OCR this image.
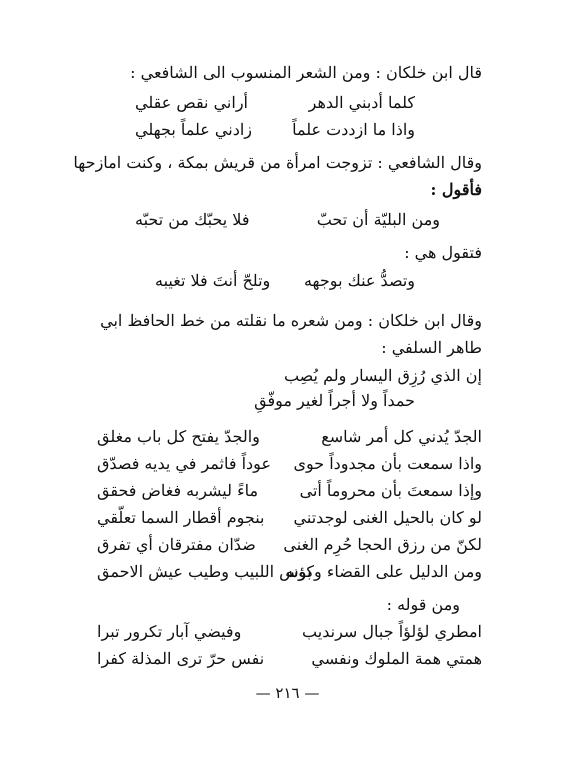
قال ابن خلكان : ومن الشعر المنسوب الى الشافعي :
كلما أدبني الدهر
أراني نقص عقلي
واذا ما ازددت علماً
زادني علماً بجهلي
وقال الشافعي : تزوجت امرأة من قريش بمكة ، وكنت امازحها
فأقول :
ومن البليّة أن تحبّ
فلا يحبّك من تحبّه
فتقول هي :
وتصدُّ عنك بوجهه
وتلحّ أنتَ فلا تغيبه
وقال ابن خلكان : ومن شعره ما نقلته من خط الحافظ ابي
طاهر السلفي :
إن الذي رُزِق اليسار ولم يُصِب
حمداً ولا أجراً لغير موفّقِ
الجدّ يُدني كل أمر شاسع
والجدّ يفتح كل باب مغلق
واذا سمعت بأن مجدوداً حوى
عوداً فاثمر في يديه فصدّق
وإذا سمعتَ بأن محروماً أتى
ماءً ليشربه فغاض فحقق
لو كان بالحيل الغنى لوجدتني
بنجوم أقطار السما تعلّقي
لكنّ من رزق الحجا حُرِم الغنى
ضدّان مفترقان أي تفرق
ومن الدليل على القضاء وكونه
بؤس اللبيب وطيب عيش الاحمق
ومن قوله :
امطري لؤلؤاً جبال سرنديب
وفيضي آبار تكرور تبرا
همتي همة الملوك ونفسي
نفس حرّ ترى المذلة كفرا
— ٢١٦ —
